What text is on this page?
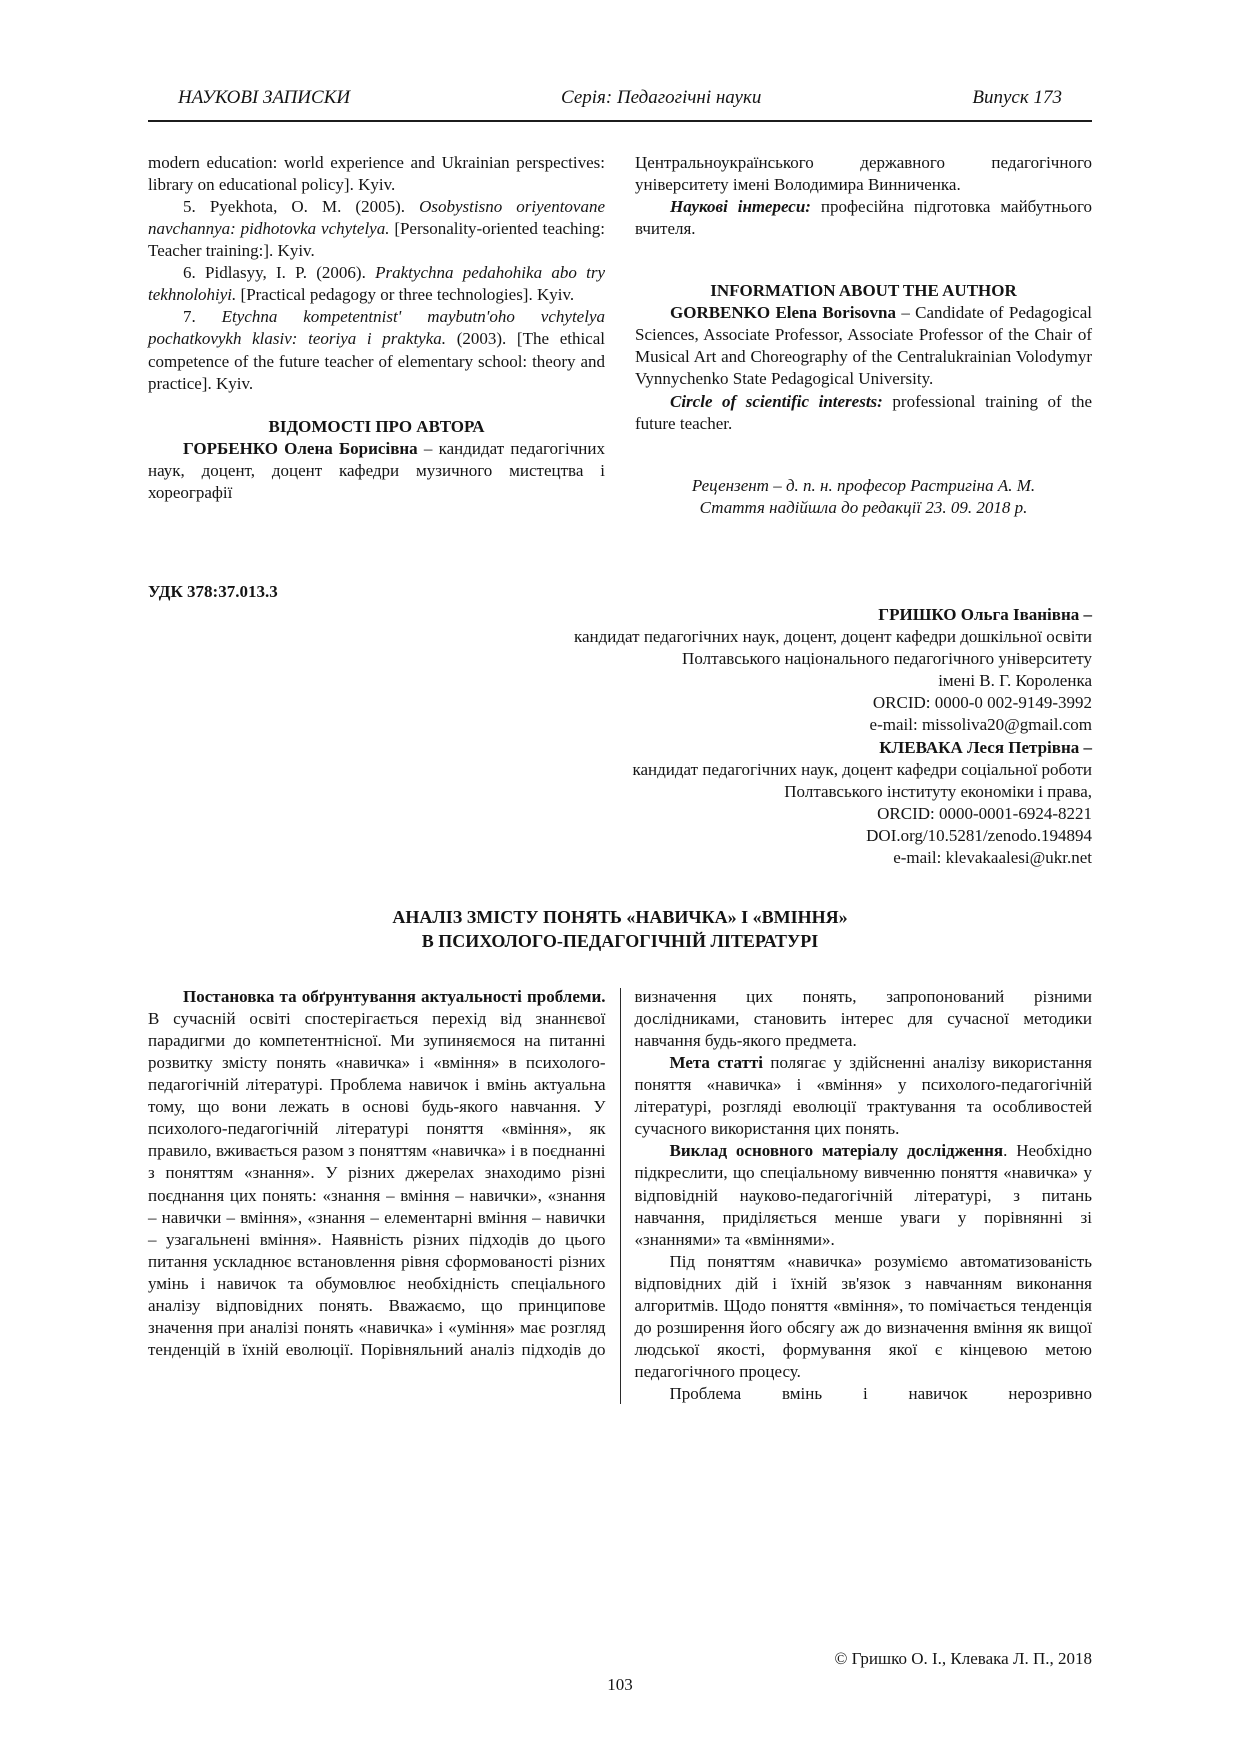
НАУКОВІ ЗАПИСКИ	Серія: Педагогічні науки	Випуск 173

modern education: world experience and Ukrainian perspectives: library on educational policy]. Kyiv.

5. Pyekhota, O. M. (2005). Osobystisno oriyentovane navchannya: pidhotovka vchytelya. [Personality-oriented teaching: Teacher training:]. Kyiv.

6. Pidlasyy, I. P. (2006). Praktychna pedahohika abo try tekhnolohiyi. [Practical pedagogy or three technologies]. Kyiv.

7. Etychna kompetentnist' maybutn'oho vchytelya pochatkovykh klasiv: teoriya i praktyka. (2003). [The ethical competence of the future teacher of elementary school: theory and practice]. Kyiv.

ВІДОМОСТІ ПРО АВТОРА

ГОРБЕНКО Олена Борисівна – кандидат педагогічних наук, доцент, доцент кафедри музичного мистецтва і хореографії

Центральноукраїнського державного педагогічного університету імені Володимира Винниченка.

Наукові інтереси: професійна підготовка майбутнього вчителя.

INFORMATION ABOUT THE AUTHOR

GORBENKO Elena Borisovna – Candidate of Pedagogical Sciences, Associate Professor, Associate Professor of the Chair of Musical Art and Choreography of the Centralukrainian Volodymyr Vynnychenko State Pedagogical University.

Circle of scientific interests: professional training of the future teacher.

Рецензент – д. п. н. професор Растригіна А. М.

Стаття надійшла до редакції 23. 09. 2018 р.

УДК 378:37.013.3

ГРИШКО Ольга Іванівна –

кандидат педагогічних наук, доцент, доцент кафедри дошкільної освіти

Полтавського національного педагогічного університету

імені В. Г. Короленка

ORCID: 0000-0 002-9149-3992

e-mail: missoliva20@gmail.com

КЛЕВАКА Леся Петрівна –

кандидат педагогічних наук, доцент кафедри соціальної роботи

Полтавського інституту економіки і права,

ORCID: 0000-0001-6924-8221

DOI.org/10.5281/zenodo.194894

e-mail: klevakaalesi@ukr.net

АНАЛІЗ ЗМІСТУ ПОНЯТЬ «НАВИЧКА» І «ВМІННЯ»
В ПСИХОЛОГО-ПЕДАГОГІЧНІЙ ЛІТЕРАТУРІ

Постановка та обґрунтування актуальності проблеми. В сучасній освіті спостерігається перехід від знаннєвої парадигми до компетентнісної. Ми зупиняємося на питанні розвитку змісту понять «навичка» і «вміння» в психолого-педагогічній літературі. Проблема навичок і вмінь актуальна тому, що вони лежать в основі будь-якого навчання. У психолого-педагогічній літературі поняття «вміння», як правило, вживається разом з поняттям «навичка» і в поєднанні з поняттям «знання». У різних джерелах знаходимо різні поєднання цих понять: «знання – вміння – навички», «знання – навички – вміння», «знання – елементарні вміння – навички – узагальнені вміння». Наявність різних підходів до цього питання ускладнює встановлення рівня сформованості різних умінь і навичок та обумовлює необхідність спеціального аналізу відповідних понять. Вважаємо, що принципове значення при аналізі понять «навичка» і «уміння» має розгляд тенденцій в їхній еволюції. Порівняльний аналіз підходів до

визначення цих понять, запропонований різними дослідниками, становить інтерес для сучасної методики навчання будь-якого предмета.

Мета статті полягає у здійсненні аналізу використання поняття «навичка» і «вміння» у психолого-педагогічній літературі, розгляді еволюції трактування та особливостей сучасного використання цих понять.

Виклад основного матеріалу дослідження. Необхідно підкреслити, що спеціальному вивченню поняття «навичка» у відповідній науково-педагогічній літературі, з питань навчання, приділяється менше уваги у порівнянні зі «знаннями» та «вміннями».

Під поняттям «навичка» розуміємо автоматизованість відповідних дій і їхній зв'язок з навчанням виконання алгоритмів. Щодо поняття «вміння», то помічається тенденція до розширення його обсягу аж до визначення вміння як вищої людської якості, формування якої є кінцевою метою педагогічного процесу.

Проблема вмінь і навичок нерозривно

© Гришко О. І., Клевака Л. П., 2018
103
